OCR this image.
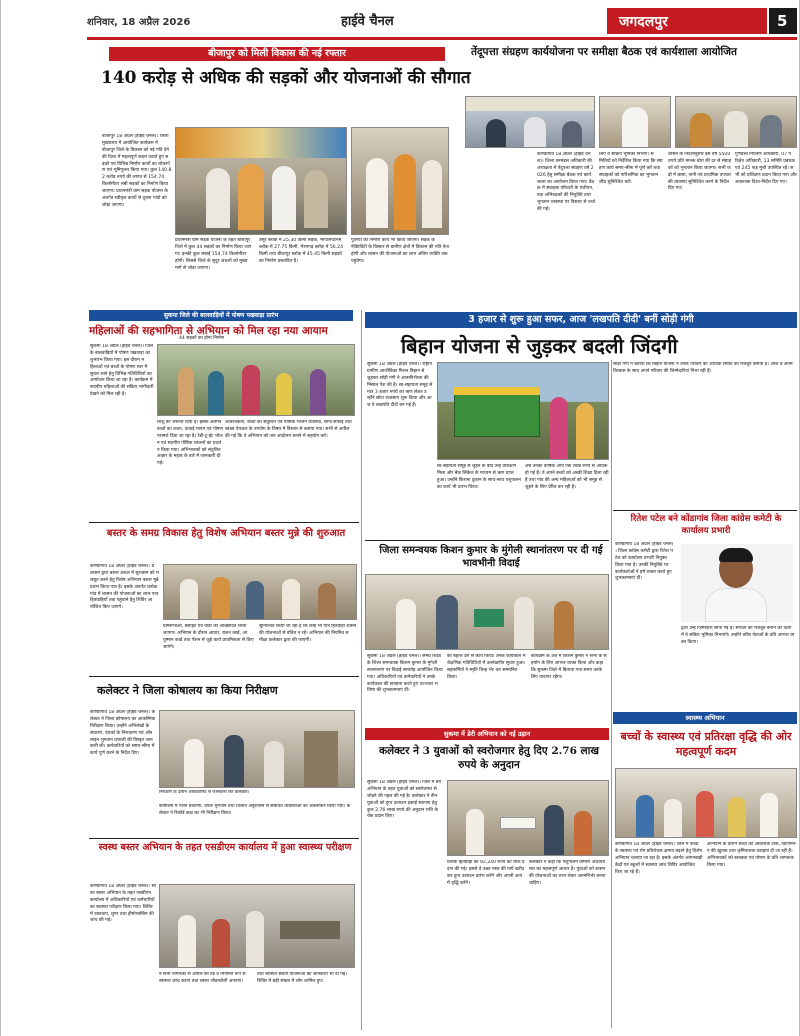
शनिवार, 18 अप्रैल 2026	हाईवे चैनल	जगदलपुर	5
बीजापुर को मिली विकास की नई रफ्तार
140 करोड़ से अधिक की सड़कों और योजनाओं की सौगात
बीजापुर 18 अप्रैल (हाईवे चैनल)। जिला मुख्यालय में आयोजित कार्यक्रम में बीजापुर जिले के विकास को नई गति देने की दिशा में महत्वपूर्ण कदम उठाते हुए सड़कों एवं विभिन्न निर्माण कार्यों का लोकार्पण एवं भूमिपूजन किया गया। कुल 140.82 करोड़ रुपये की लागत से 154.74 किलोमीटर लंबी सड़कों का निर्माण किया जाएगा। प्रधानमंत्री ग्राम सड़क योजना के अंतर्गत स्वीकृत कार्यों से दूरस्थ गांवों को जोड़ा जाएगा।
प्रधानमंत्री ग्राम सड़क योजना के तहत बीजापुर जिले में कुल 44 सड़कों का निर्माण किया जाएगा। इनकी कुल लंबाई 154.74 किलोमीटर होगी। जिससे जिले के सुदूर अंचलों को मुख्य मार्ग से जोड़ा जाएगा।
उसूर ब्लॉक में 25.30 किमी सड़क, भोपालपटनम ब्लॉक में 27.75 किमी, भैरमगढ़ ब्लॉक में 56.24 किमी तथा बीजापुर ब्लॉक में 45.45 किमी सड़कों का निर्माण प्रस्तावित है।
पुलियों का निर्माण कार्य भी किया जाएगा। सड़क कनेक्टिविटी के विस्तार से ग्रामीण क्षेत्रों में विकास की गति तेज होगी और शासन की योजनाओं का लाभ अंतिम व्यक्ति तक पहुंचेगा।
44 सड़कों का होगा निर्माण
तेंदूपत्ता संग्रहण कार्ययोजना पर समीक्षा बैठक एवं कार्यशाला आयोजित
कोण्डागांव 18 अप्रैल (हाईवे चैनल)। जिला वनमंडल अधिकारी की अध्यक्षता में तेंदूपत्ता संग्रहण वर्ष 2026 हेतु समीक्षा बैठक एवं कार्यशाला का आयोजन किया गया। बैठक में संग्राहक परिवारों के पंजीयन, फड़ अभिरक्षकों की नियुक्ति तथा भुगतान व्यवस्था पर विस्तार से चर्चा की गई।
लिए वे सक्रिय भूमिका निभाएं। समितियों को निर्देशित किया गया कि संग्रहण कार्य समय-सीमा में पूर्ण करें तथा संग्राहकों को पारिश्रमिक का भुगतान शीघ्र सुनिश्चित करें।
शासन के निर्देशानुसार इस वर्ष 5500 रुपये प्रति मानक बोरा की दर से संग्राहकों को भुगतान किया जाएगा। सभी फड़ों में छाया, पानी एवं प्राथमिक उपचार की व्यवस्था सुनिश्चित करने के निर्देश दिए गए।
गुणवत्ता नियंत्रण अधिकारी, 07 परिक्षेत्र अधिकारी, 13 समिति प्रबंधक एवं 245 फड़ मुंशी उपस्थित रहे। सभी को प्रशिक्षण प्रदान किया गया और आवश्यक दिशा-निर्देश दिए गए।
सुकमा जिले की बालवाड़ियों में पोषण पखवाड़ा प्रारंभ
महिलाओं की सहभागिता से अभियान को मिल रहा नया आयाम
सुकमा 18 अप्रैल (हाईवे चैनल)। जिले के बालवाड़ियों में पोषण पखवाड़ा का शुभारंभ किया गया। इस दौरान महिलाओं एवं बच्चों के पोषण स्तर में सुधार लाने हेतु विभिन्न गतिविधियों का आयोजन किया जा रहा है। कार्यक्रम में स्थानीय महिलाओं की सक्रिय भागीदारी देखने को मिल रही है।
शिशु की जरूरत दिया है। इसके अंतर्गत बच्चों का वजन, ऊंचाई मापन एवं पोषण परामर्श दिया जा रहा है। रेडी-टू-ईट भोजन एवं स्थानीय पौष्टिक व्यंजनों का प्रदर्शन किया गया। अभिभावकों को संतुलित आहार के महत्व के बारे में जानकारी दी गई।
आवश्यकता, बच्चों की संतुलित एवं पौष्टिक भोजन व्यवस्था, साफ-सफाई तथा स्वच्छ पेयजल के उपयोग के विषय में विस्तार से बताया गया। सभी से अपील की गई कि वे अभियान को जन आंदोलन बनाने में सहयोग करें।
बस्तर के समग्र विकास हेतु विशेष अभियान बस्तर मुन्ने की शुरुआत
कोण्डागांव 18 अप्रैल (हाईवे चैनल)। प्रशासन द्वारा बस्तर अंचल में सुशासन को मजबूत करने हेतु विशेष अभियान बस्तर मुन्ने प्रारंभ किया गया है। इसके अंतर्गत प्रत्येक गांव में शासन की योजनाओं का लाभ पात्र हितग्राहियों तक पहुंचाने हेतु शिविर आयोजित किए जाएंगे।
ग्रामसभाओं, बसाहट एवं वार्डों को आच्छादित किया जाएगा। अभियान के दौरान आधार, राशन कार्ड, आयुष्मान कार्ड तथा पेंशन से जुड़े कार्य प्राथमिकता से किए जाएंगे।
सुनिश्चित किया जा रहा है कि कोई भी पात्र हितग्राही शासन की योजनाओं से वंचित न रहे। अभियान की नियमित समीक्षा कलेक्टर द्वारा की जाएगी।
कलेक्टर ने जिला कोषालय का किया निरीक्षण
कोण्डागांव 18 अप्रैल (हाईवे चैनल)। कलेक्टर ने जिला कोषालय का आकस्मिक निरीक्षण किया। उन्होंने अभिलेखों के संधारण, देयकों के निराकरण एवं ऑनलाइन भुगतान प्रणाली की विस्तृत जानकारी ली। कर्मचारियों को समय-सीमा में कार्य पूर्ण करने के निर्देश दिए।
निरीक्षण के दौरान अधिकारियों से जानकारी लेते कलेक्टर।
कोषालय में पेंशन प्रकरणों, देयक भुगतान तथा वित्तीय अनुशासन से संबंधित व्यवस्थाओं का अवलोकन किया गया। कलेक्टर ने रिकॉर्ड कक्ष का भी निरीक्षण किया।
स्वस्थ बस्तर अभियान के तहत एसडीएम कार्यालय में हुआ स्वास्थ्य परीक्षण
कोण्डागांव 18 अप्रैल (हाईवे चैनल)। स्वस्थ बस्तर अभियान के तहत एसडीएम कार्यालय में अधिकारियों एवं कर्मचारियों का स्वास्थ्य परीक्षण किया गया। शिविर में रक्तचाप, शुगर तथा हीमोग्लोबिन की जांच की गई।
ने सभी नागरिकों से अपील की कि वे नियमित रूप से स्वास्थ्य जांच कराएं तथा स्वस्थ जीवनशैली अपनाएं।
तथा स्वास्थ्य संबंधी योजनाओं की जानकारी भी दी गई। शिविर में बड़ी संख्या में लोग शामिल हुए।
3 हजार से शुरू हुआ सफर, आज 'लखपति दीदी' बनीं सोड़ी गंगी
बिहान योजना से जुड़कर बदली जिंदगी
सुकमा 18 अप्रैल (हाईवे चैनल)। राष्ट्रीय ग्रामीण आजीविका मिशन बिहान से जुड़कर सोड़ी गंगी ने आत्मनिर्भरता की मिसाल पेश की है। स्व-सहायता समूह से मात्र 3 हजार रुपये का ऋण लेकर उन्होंने छोटा व्यवसाय शुरू किया और आज वे लखपति दीदी बन गई हैं।
स्व-सहायता समूह से जुड़ने के बाद उन्हें प्रशिक्षण मिला और बैंक लिंकेज के माध्यम से ऋण प्राप्त हुआ। उन्होंने किराना दुकान के साथ-साथ पशुपालन का कार्य भी प्रारंभ किया।
अब उनकी वार्षिक आय एक लाख रुपये से अधिक हो गई है। वे अपने बच्चों को अच्छी शिक्षा दिला रही हैं तथा गांव की अन्य महिलाओं को भी समूह से जुड़ने के लिए प्रेरित कर रही हैं।
सोड़ी गंगी ने बताया कि बिहान योजना ने उनके परिवार की आर्थिक स्थिति को मजबूत बनाया है। आज वे आत्मविश्वास के साथ अपने परिवार की जिम्मेदारियां निभा रही हैं।
रितेश पटेल बने कोंडागांव जिला कांग्रेस कमेटी के कार्यालय प्रभारी
कोण्डागांव 18 अप्रैल (हाईवे चैनल)। जिला कांग्रेस कमेटी द्वारा रितेश पटेल को कार्यालय प्रभारी नियुक्त किया गया है। उनकी नियुक्ति पर कार्यकर्ताओं ने हर्ष व्यक्त करते हुए शुभकामनाएं दीं।
द्वारा उन्हें जिम्मेदारी सौंपी गई है। संगठन को मजबूत बनाने की दिशा में वे सक्रिय भूमिका निभाएंगे। उन्होंने वरिष्ठ नेताओं के प्रति आभार व्यक्त किया।
जिला समन्वयक किशन कुमार के मुंगेली स्थानांतरण पर दी गई भावभीनी विदाई
सुकमा 18 अप्रैल (हाईवे चैनल)। समग्र शिक्षा के जिला समन्वयक किशन कुमार के मुंगेली स्थानांतरण पर विदाई समारोह आयोजित किया गया। अधिकारियों एवं कर्मचारियों ने उनके कार्यकाल की सराहना करते हुए उज्ज्वल भविष्य की शुभकामनाएं दीं।
की बेहतर ढंग से कार्य किया। उनके कार्यकाल में शैक्षणिक गतिविधियों में उल्लेखनीय सुधार हुआ। सहकर्मियों ने स्मृति चिन्ह भेंट कर सम्मानित किया।
कार्यक्रम के अंत में किशन कुमार ने सभी के सहयोग के लिए आभार व्यक्त किया और कहा कि सुकमा जिले में बिताया गया समय उनके लिए यादगार रहेगा।
स्वास्थ्य अभियान
बच्चों के स्वास्थ्य एवं प्रतिरक्षा वृद्धि की ओर महत्वपूर्ण कदम
कोण्डागांव 18 अप्रैल (हाईवे चैनल)। जिले में बच्चों के स्वास्थ्य एवं रोग प्रतिरोधक क्षमता बढ़ाने हेतु विशेष अभियान चलाया जा रहा है। इसके अंतर्गत आंगनबाड़ी केंद्रों एवं स्कूलों में स्वास्थ्य जांच शिविर आयोजित किए जा रहे हैं।
अभियान के दौरान बच्चों को आवश्यक टीके, विटामिन-ए की खुराक तथा कृमिनाशक दवाइयां दी जा रही हैं। अभिभावकों को स्वच्छता एवं पोषण के प्रति जागरूक किया गया।
सुकमा में डेरी अभियान को नई उड़ान
कलेक्टर ने 3 युवाओं को स्वरोजगार हेतु दिए 2.76 लाख रुपये के अनुदान
सुकमा 18 अप्रैल (हाईवे चैनल)। जिले में डेरी अभियान के तहत युवाओं को स्वरोजगार से जोड़ने की पहल की गई है। कलेक्टर ने तीन युवाओं को दुग्ध उत्पादन इकाई स्थापना हेतु कुल 2.76 लाख रुपये की अनुदान राशि के चेक प्रदान किए।
प्रत्येक हितग्राही को 92,240 रुपये की राशि प्रदान की गई। इससे वे उन्नत नस्ल की गायें खरीदकर दुग्ध उत्पादन प्रारंभ करेंगे और अपनी आय में वृद्धि करेंगे।
कलेक्टर ने कहा कि पशुपालन ग्रामीण अर्थव्यवस्था का महत्वपूर्ण आधार है। युवाओं को शासन की योजनाओं का लाभ लेकर आत्मनिर्भर बनना चाहिए।
